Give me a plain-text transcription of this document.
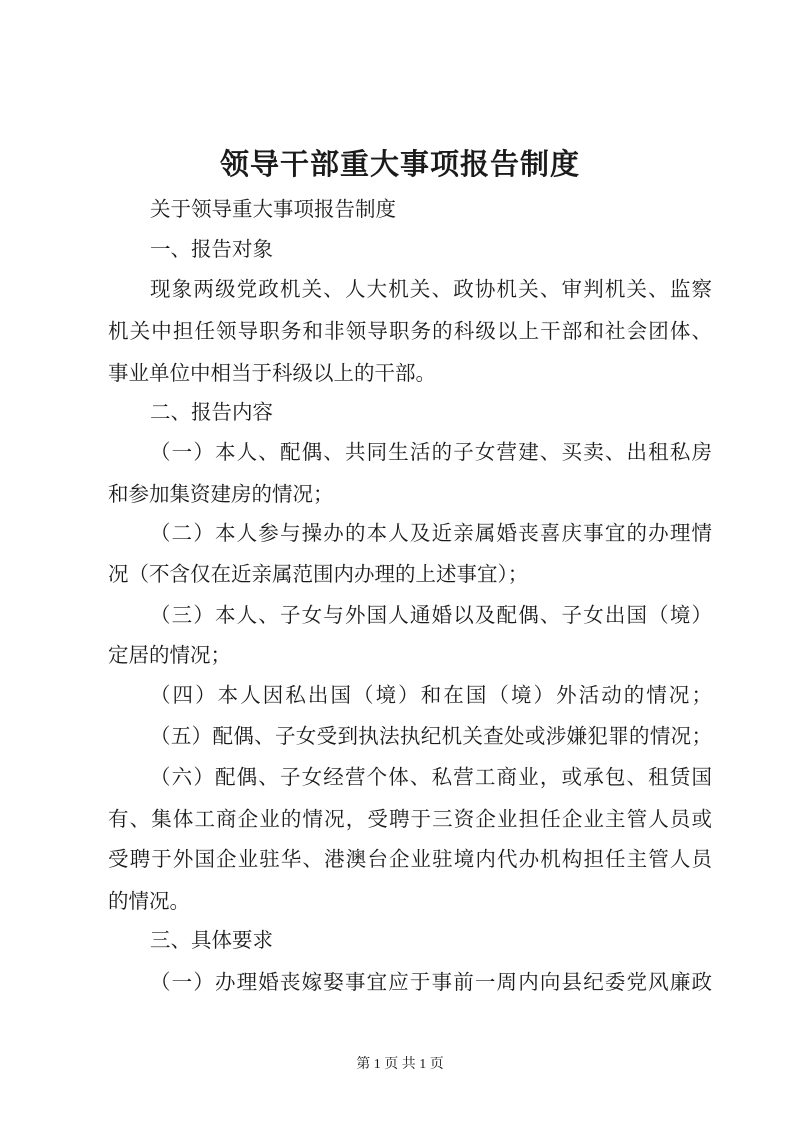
领导干部重大事项报告制度
关于领导重大事项报告制度
一、报告对象
现象两级党政机关、人大机关、政协机关、审判机关、监察
机关中担任领导职务和非领导职务的科级以上干部和社会团体、
事业单位中相当于科级以上的干部。
二、报告内容
（一）本人、配偶、共同生活的子女营建、买卖、出租私房
和参加集资建房的情况；
（二）本人参与操办的本人及近亲属婚丧喜庆事宜的办理情
况（不含仅在近亲属范围内办理的上述事宜）；
（三）本人、子女与外国人通婚以及配偶、子女出国（境）
定居的情况；
（四）本人因私出国（境）和在国（境）外活动的情况；
（五）配偶、子女受到执法执纪机关查处或涉嫌犯罪的情况；
（六）配偶、子女经营个体、私营工商业，或承包、租赁国
有、集体工商企业的情况，受聘于三资企业担任企业主管人员或
受聘于外国企业驻华、港澳台企业驻境内代办机构担任主管人员
的情况。
三、具体要求
（一）办理婚丧嫁娶事宜应于事前一周内向县纪委党风廉政
第 1 页 共 1 页
